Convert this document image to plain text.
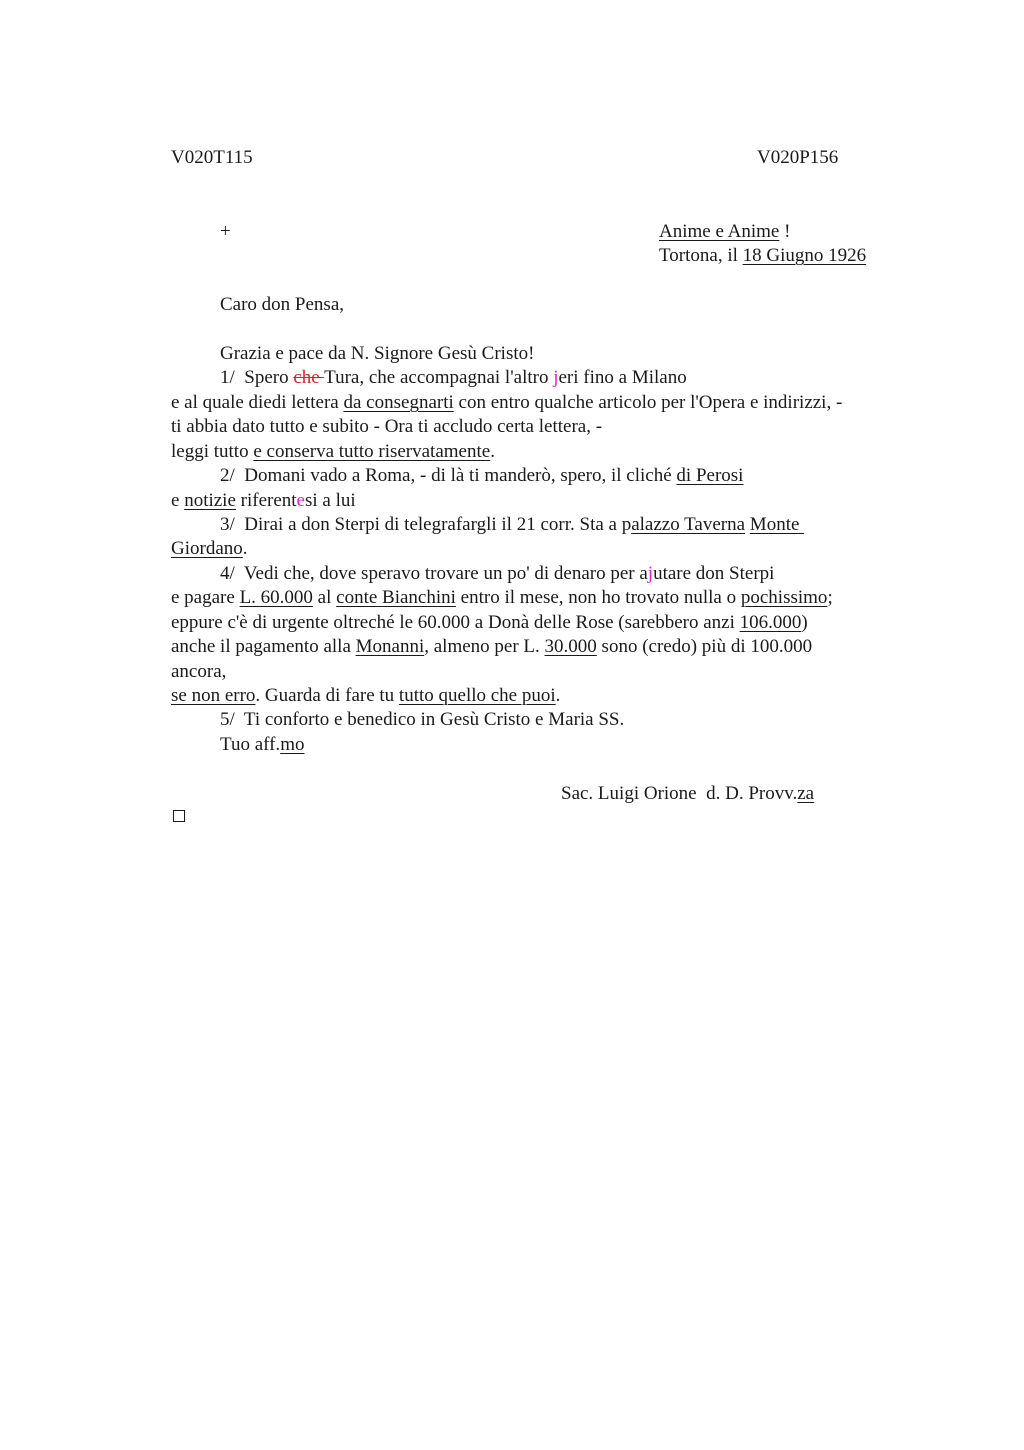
V020T115	V020P156
+	Anime e Anime !
Tortona, il 18 Giugno 1926
Caro don Pensa,
Grazia e pace da N. Signore Gesù Cristo!
1/  Spero che Tura, che accompagnai l'altro jeri fino a Milano
e al quale diedi lettera da consegnarti con entro qualche articolo per l'Opera e indirizzi, -
ti abbia dato tutto e subito - Ora ti accludo certa lettera, -
leggi tutto e conserva tutto riservatamente.
2/  Domani vado a Roma, - di là ti manderò, spero, il cliché di Perosi
e notizie riferentesi a lui
3/  Dirai a don Sterpi di telegrafargli il 21 corr. Sta a palazzo Taverna Monte
Giordano.
4/  Vedi che, dove speravo trovare un po' di denaro per ajutare don Sterpi
e pagare L. 60.000 al conte Bianchini entro il mese, non ho trovato nulla o pochissimo;
eppure c'è di urgente oltreché le 60.000 a Donà delle Rose (sarebbero anzi 106.000)
anche il pagamento alla Monanni, almeno per L. 30.000 sono (credo) più di 100.000
ancora,
se non erro. Guarda di fare tu tutto quello che puoi.
5/  Ti conforto e benedico in Gesù Cristo e Maria SS.
Tuo aff.mo
Sac. Luigi Orione  d. D. Provv.za
